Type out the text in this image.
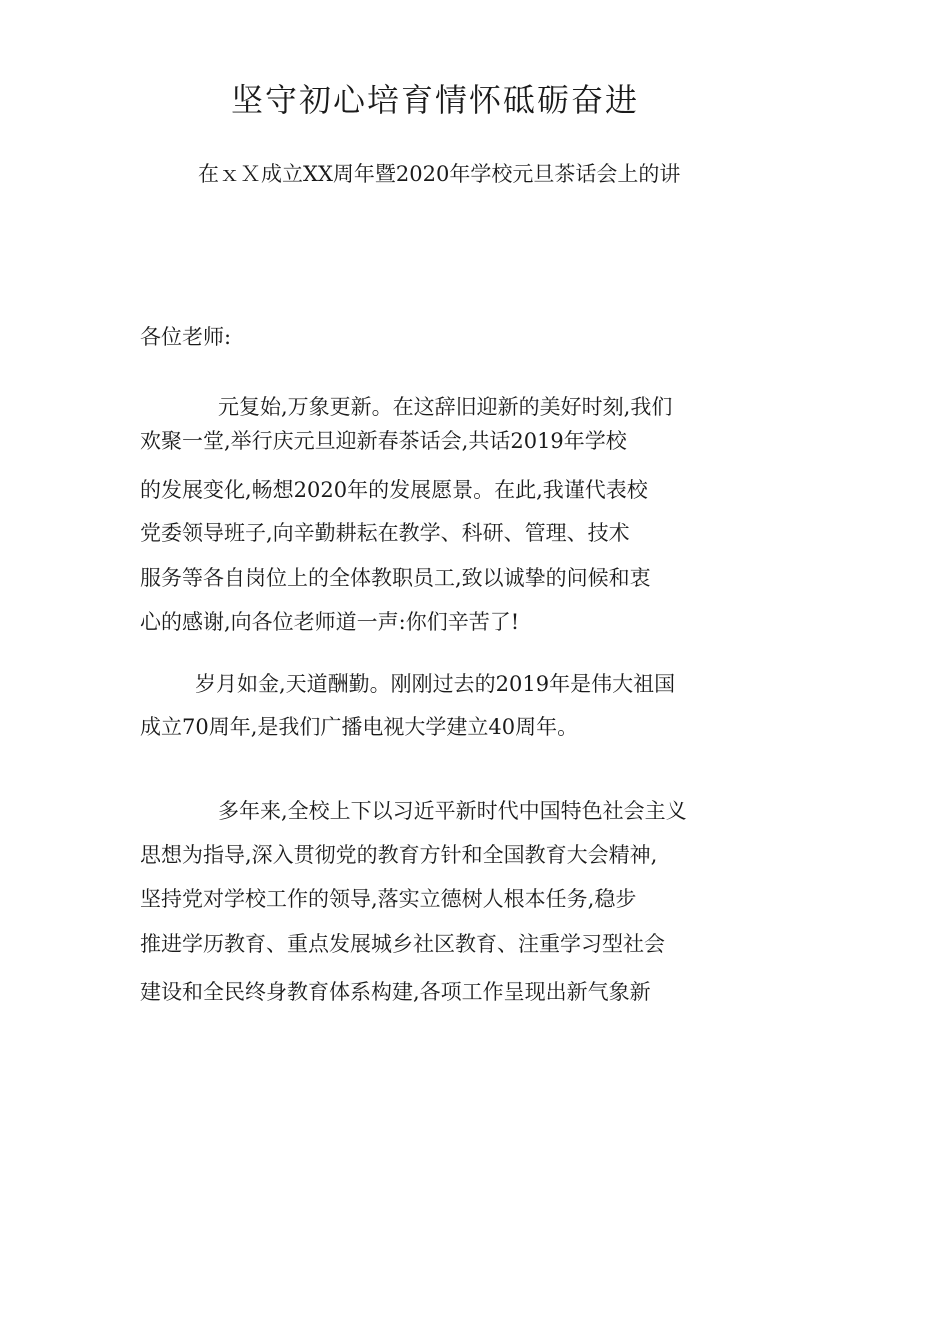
坚守初心培育情怀砥砺奋进
在ｘＸ成立XX周年暨2020年学校元旦茶话会上的讲
各位老师:
元复始,万象更新。在这辞旧迎新的美好时刻,我们
欢聚一堂,举行庆元旦迎新春茶话会,共话2019年学校
的发展变化,畅想2020年的发展愿景。在此,我谨代表校
党委领导班子,向辛勤耕耘在教学、科研、管理、技术
服务等各自岗位上的全体教职员工,致以诚挚的问候和衷
心的感谢,向各位老师道一声:你们辛苦了!
岁月如金,天道酬勤。刚刚过去的2019年是伟大祖国
成立70周年,是我们广播电视大学建立40周年。
多年来,全校上下以习近平新时代中国特色社会主义
思想为指导,深入贯彻党的教育方针和全国教育大会精神,
坚持党对学校工作的领导,落实立德树人根本任务,稳步
推进学历教育、重点发展城乡社区教育、注重学习型社会
建设和全民终身教育体系构建,各项工作呈现出新气象新
